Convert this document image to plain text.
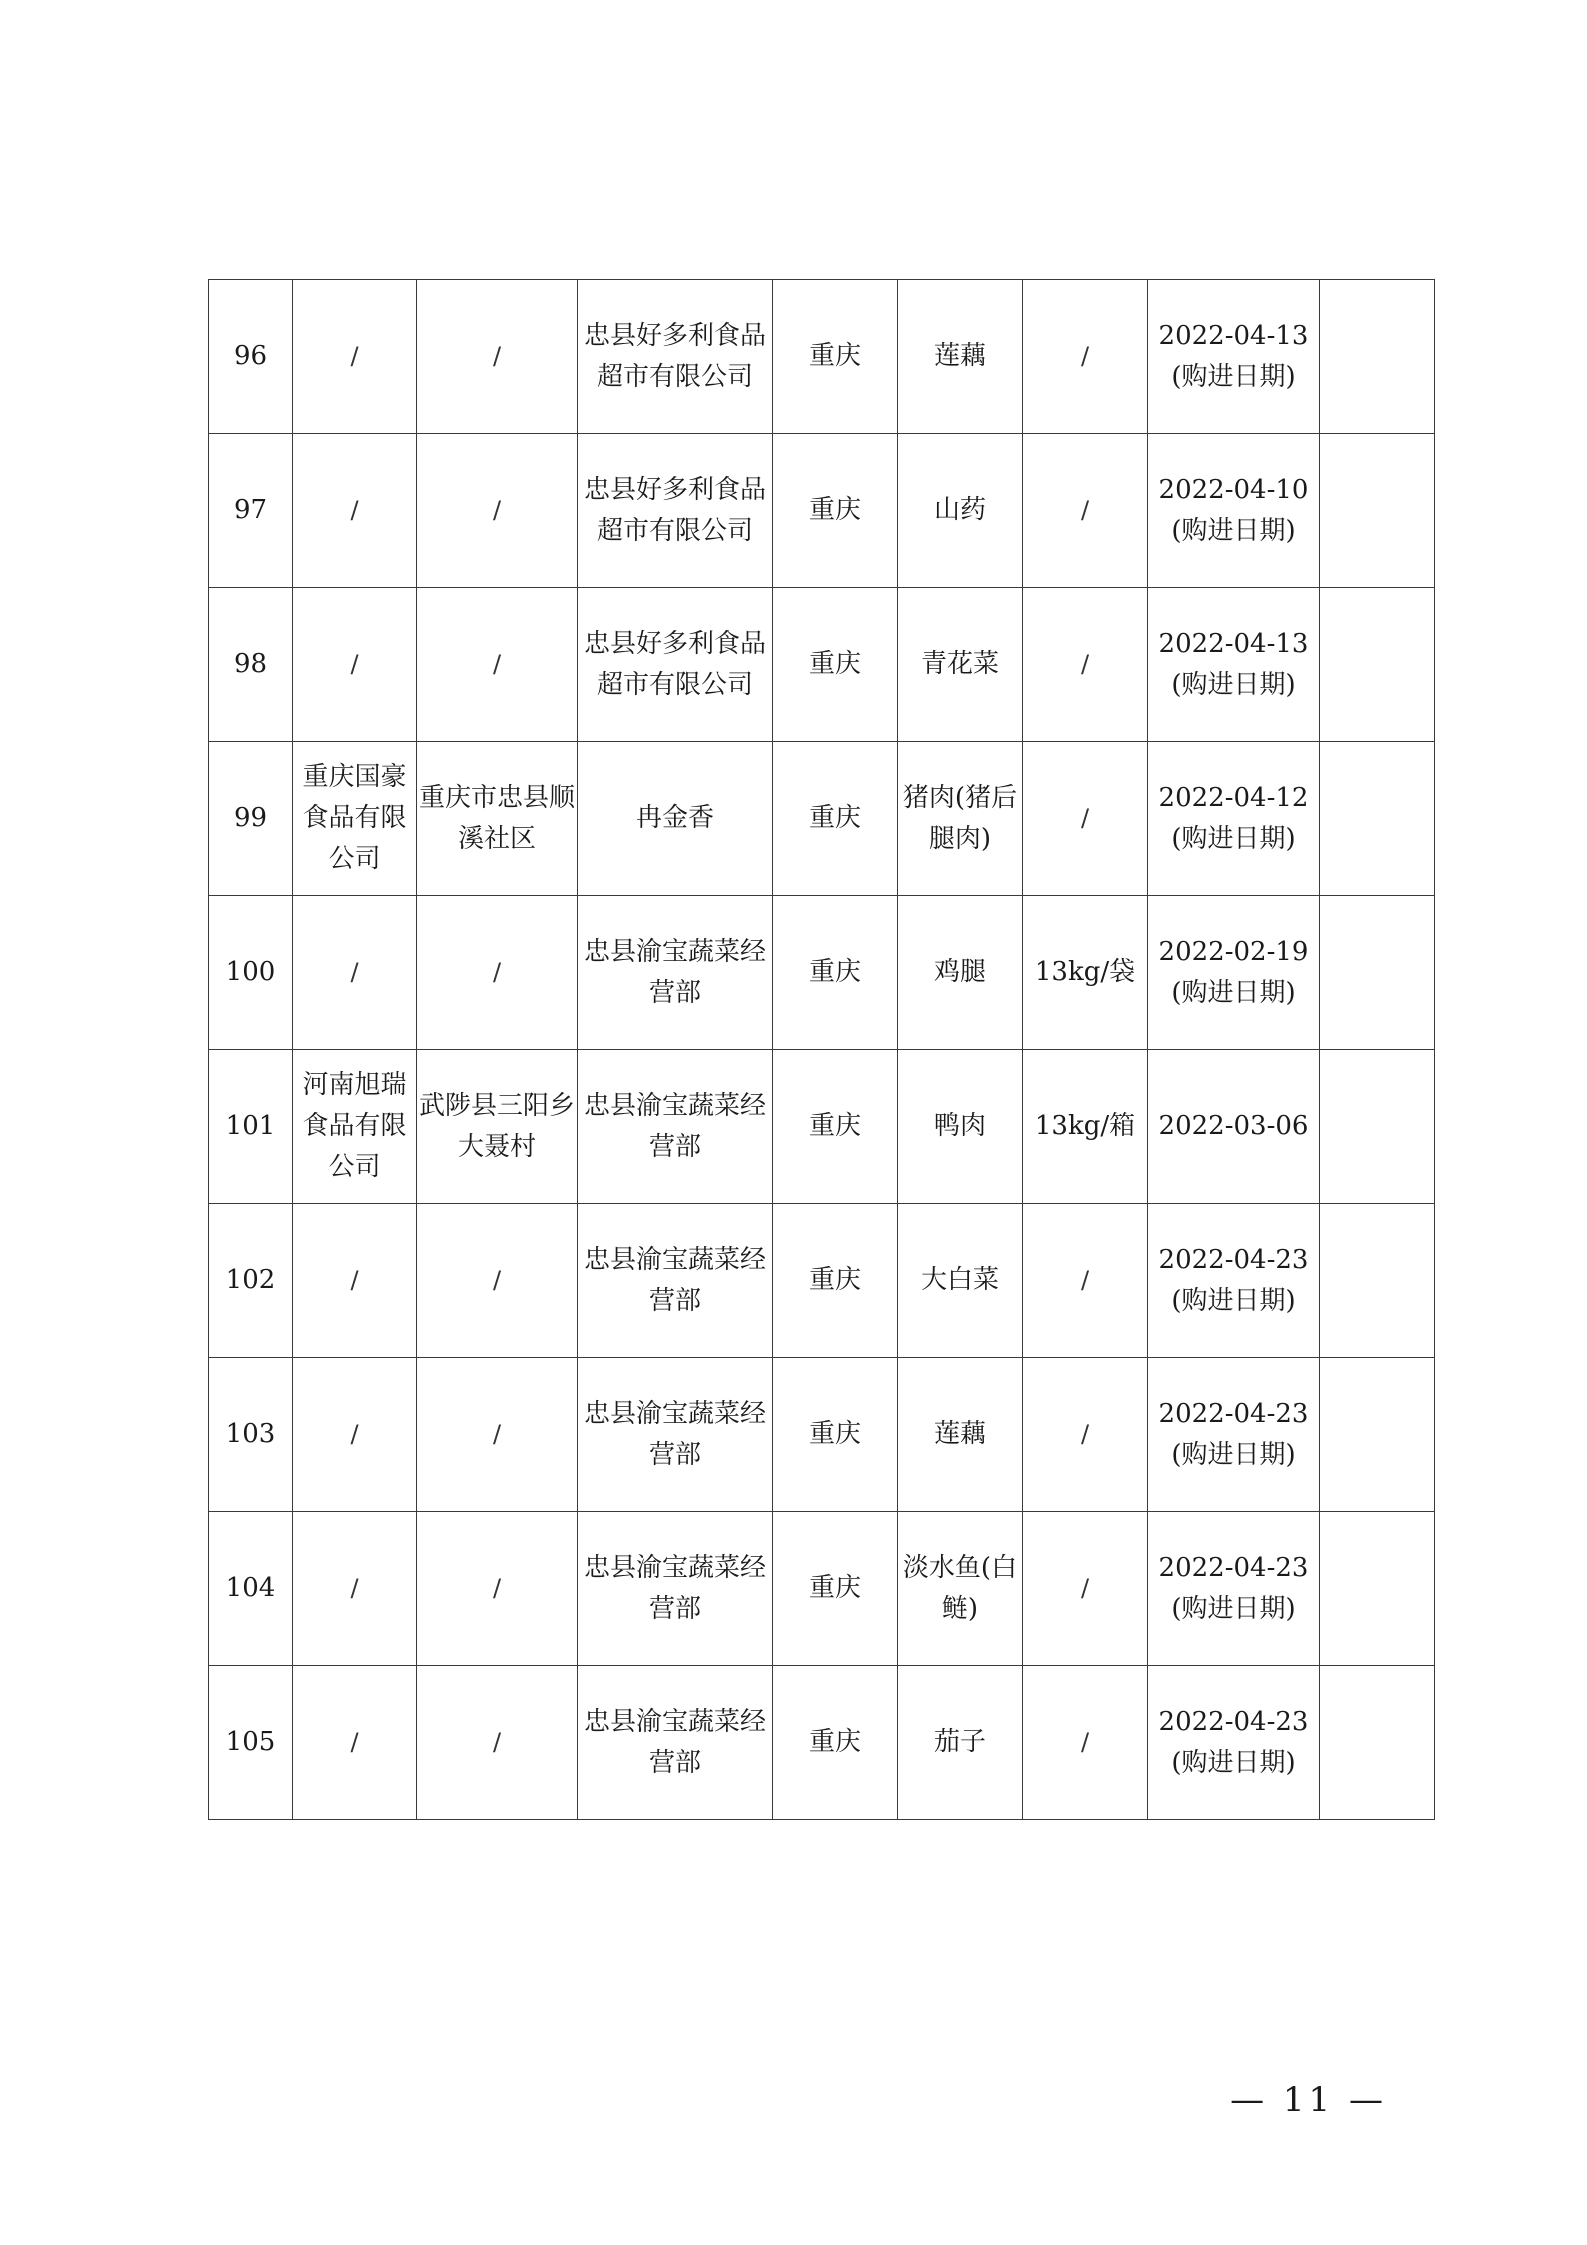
96	/	/	忠县好多利食品超市有限公司	重庆	莲藕	/	2022-04-13
(购进日期)	

97	/	/	忠县好多利食品超市有限公司	重庆	山药	/	2022-04-10
(购进日期)	

98	/	/	忠县好多利食品超市有限公司	重庆	青花菜	/	2022-04-13
(购进日期)	

99	重庆国豪食品有限公司	重庆市忠县顺溪社区	冉金香	重庆	猪肉(猪后腿肉)	/	2022-04-12
(购进日期)	

100	/	/	忠县渝宝蔬菜经营部	重庆	鸡腿	13kg/袋	2022-02-19
(购进日期)	

101	河南旭瑞食品有限公司	武陟县三阳乡大聂村	忠县渝宝蔬菜经营部	重庆	鸭肉	13kg/箱	2022-03-06	

102	/	/	忠县渝宝蔬菜经营部	重庆	大白菜	/	2022-04-23
(购进日期)	

103	/	/	忠县渝宝蔬菜经营部	重庆	莲藕	/	2022-04-23
(购进日期)	

104	/	/	忠县渝宝蔬菜经营部	重庆	淡水鱼(白鲢)	/	2022-04-23
(购进日期)	

105	/	/	忠县渝宝蔬菜经营部	重庆	茄子	/	2022-04-23
(购进日期)	

— 11 —
